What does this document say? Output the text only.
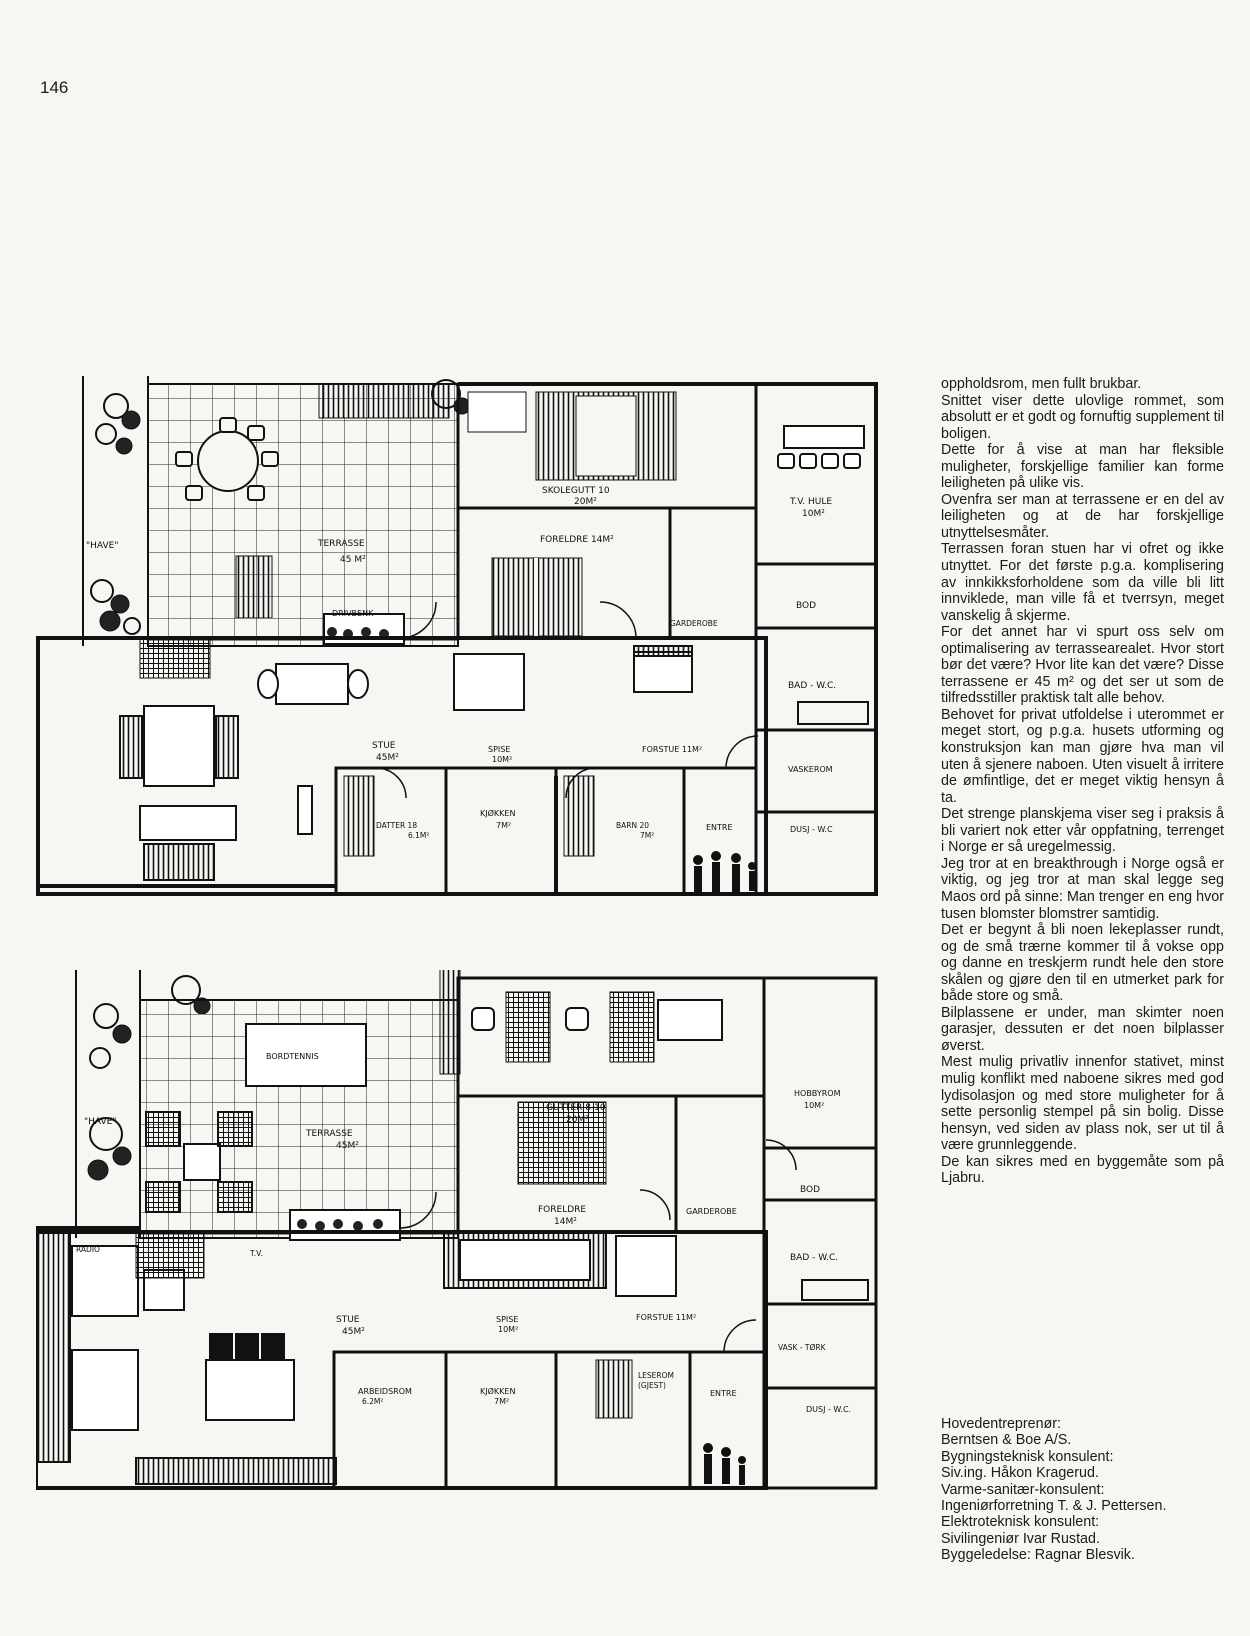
146
"HAVE"	TERRASSE
45 M²
DRIVBENK
SKOLEGUTT 10
20M²
FORELDRE 14M²
T.V. HULE
10M²
BOD
GARDEROBE
BAD - W.C.
VASKEROM
DUSJ - W.C
ENTRE
FORSTUE 11M²
STUE
45M²
SPISE
10M²
KJØKKEN
7M²
DATTER 18
6.1M²
BARN 20
7M²
"HAVE"
BORDTENNIS
TERRASSE
45M²
GUTTER 8-10
20M²
HOBBYROM
10M²
FORELDRE
14M²
GARDEROBE
BOD
BAD - W.C.
VASK - TØRK
DUSJ - W.C.
ENTRE
FORSTUE 11M²
STUE
45M²
SPISE
10M²
KJØKKEN
7M²
ARBEIDSROM
6.2M²
LESEROM
(GJEST)
RADIO	T.V.

oppholdsrom, men fullt brukbar.

Snittet viser dette ulovlige rommet, som absolutt er et godt og fornuftig supplement til boligen.

Dette for å vise at man har fleksible muligheter, forskjellige familier kan forme leiligheten på ulike vis.

Ovenfra ser man at terrassene er en del av leiligheten og at de har forskjellige utnyttelsesmåter.

Terrassen foran stuen har vi ofret og ikke utnyttet. For det første p.g.a. komplisering av innkikksforholdene som da ville bli litt innviklede, man ville få et tverrsyn, meget vanskelig å skjerme.

For det annet har vi spurt oss selv om optimalisering av terrassearealet. Hvor stort bør det være? Hvor lite kan det være? Disse terrassene er 45 m² og det ser ut som de tilfredsstiller praktisk talt alle behov.

Behovet for privat utfoldelse i uterommet er meget stort, og p.g.a. husets utforming og konstruksjon kan man gjøre hva man vil uten å sjenere naboen. Uten visuelt å irritere de ømfintlige, det er meget viktig hensyn å ta.

Det strenge planskjema viser seg i praksis å bli variert nok etter vår oppfatning, terrenget i Norge er så uregelmessig.

Jeg tror at en breakthrough i Norge også er viktig, og jeg tror at man skal legge seg Maos ord på sinne: Man trenger en eng hvor tusen blomster blomstrer samtidig.

Det er begynt å bli noen lekeplasser rundt, og de små trærne kommer til å vokse opp og danne en treskjerm rundt hele den store skålen og gjøre den til en utmerket park for både store og små.

Bilplassene er under, man skimter noen garasjer, dessuten er det noen bilplasser øverst.

Mest mulig privatliv innenfor stativet, minst mulig konflikt med naboene sikres med god lydisolasjon og med store muligheter for å sette personlig stempel på sin bolig. Disse hensyn, ved siden av plass nok, ser ut til å være grunnleggende.

De kan sikres med en byggemåte som på Ljabru.

Hovedentreprenør:
Berntsen & Boe A/S.
Bygningsteknisk konsulent:
Siv.ing. Håkon Kragerud.
Varme-sanitær-konsulent:
Ingeniørforretning T. & J. Pettersen.
Elektroteknisk konsulent:
Sivilingeniør Ivar Rustad.
Byggeledelse: Ragnar Blesvik.
